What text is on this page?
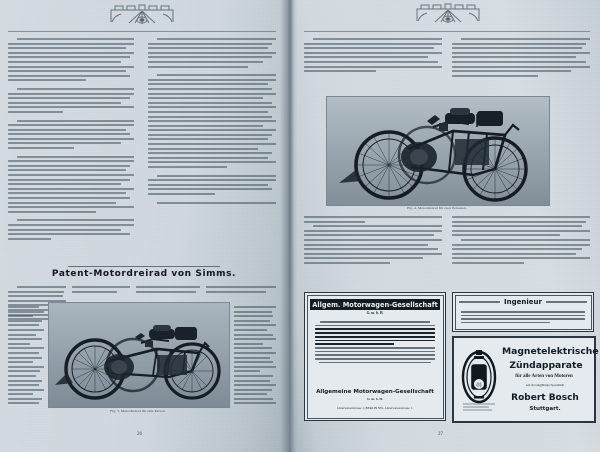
Patent-Motordreirad von Simms.
Fig. 5. Motordreirad für eine Person.
26
Fig. 4. Motordreirad für zwei Personen.
Allgem. Motorwagen-Gesellschaft
G. m. b. H.
Allgemeine Motorwagen-Gesellschaft
G. m. b. H.
Unterwasserstrasse 1, BERLIN NW., Unterwasserstrasse 1.
Ingenieur
(I)
Magnetelektrische
Zündapparate
für alle Arten von Motoren
seit als langjährige Spezialität
Robert Bosch
Stuttgart.
27
